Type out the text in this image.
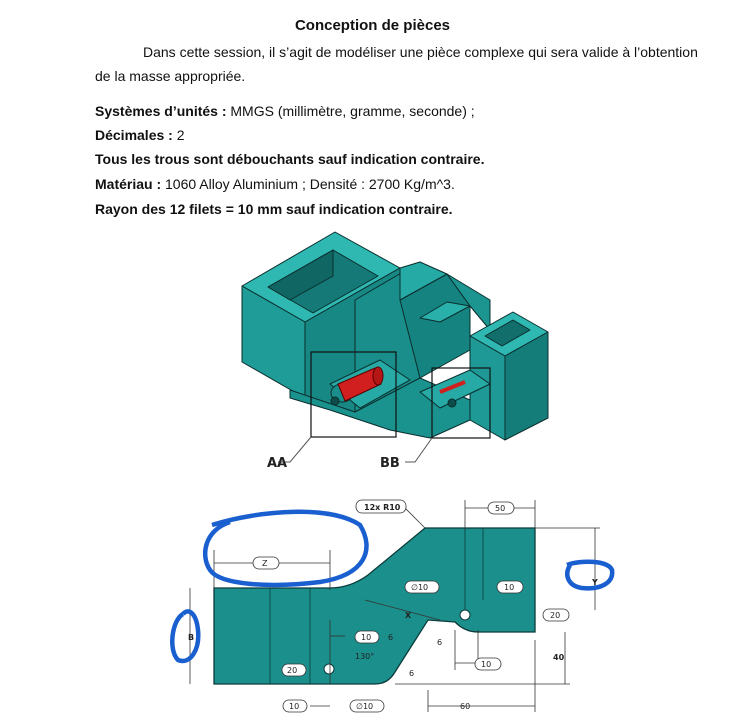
Conception de pièces
Dans cette session, il s’agit de modéliser une pièce complexe qui sera valide à l’obtention de la masse appropriée.
Systèmes d’unités : MMGS (millimètre, gramme, seconde) ;
Décimales : 2
Tous les trous sont débouchants sauf indication contraire.
Matériau : 1060 Alloy Aluminium ; Densité : 2700 Kg/m^3.
Rayon des 12 filets = 10 mm sauf indication contraire.
AA	BB
12x R10	50
Z
Y
B
X
∅10	10
20
40
10 6
6
6
130°
10
20
10	∅10	60
